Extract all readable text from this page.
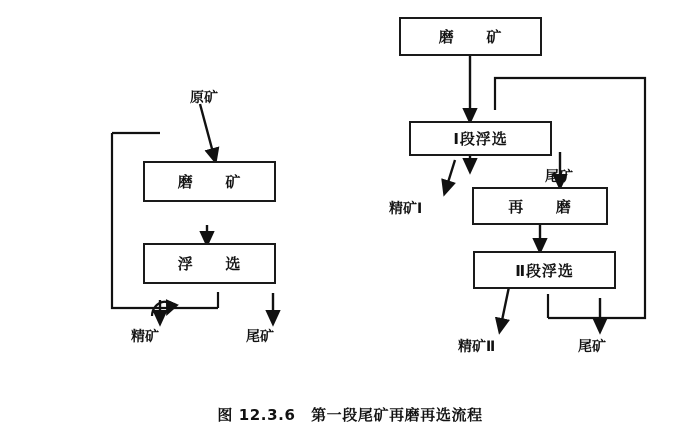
磨　　矿
浮　　选
原矿
精矿	尾矿
磨　　矿
Ⅰ段浮选
再　　磨
Ⅱ段浮选
精矿Ⅰ
尾矿
精矿Ⅱ	尾矿
图 12.3.6　第一段尾矿再磨再选流程
